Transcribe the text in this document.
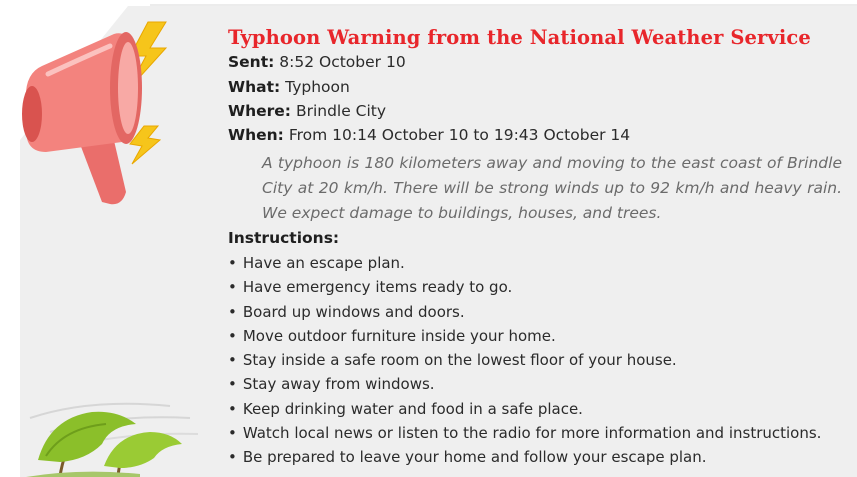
Typhoon Warning from the National Weather Service
Sent: 8:52 October 10
What: Typhoon
Where: Brindle City
When: From 10:14 October 10 to 19:43 October 14
A typhoon is 180 kilometers away and moving to the east coast of Brindle City at 20 km/h. There will be strong winds up to 92 km/h and heavy rain. We expect damage to buildings, houses, and trees.
Instructions:
• Have an escape plan.
• Have emergency items ready to go.
• Board up windows and doors.
• Move outdoor furniture inside your home.
• Stay inside a safe room on the lowest floor of your house.
• Stay away from windows.
• Keep drinking water and food in a safe place.
• Watch local news or listen to the radio for more information and instructions.
• Be prepared to leave your home and follow your escape plan.
